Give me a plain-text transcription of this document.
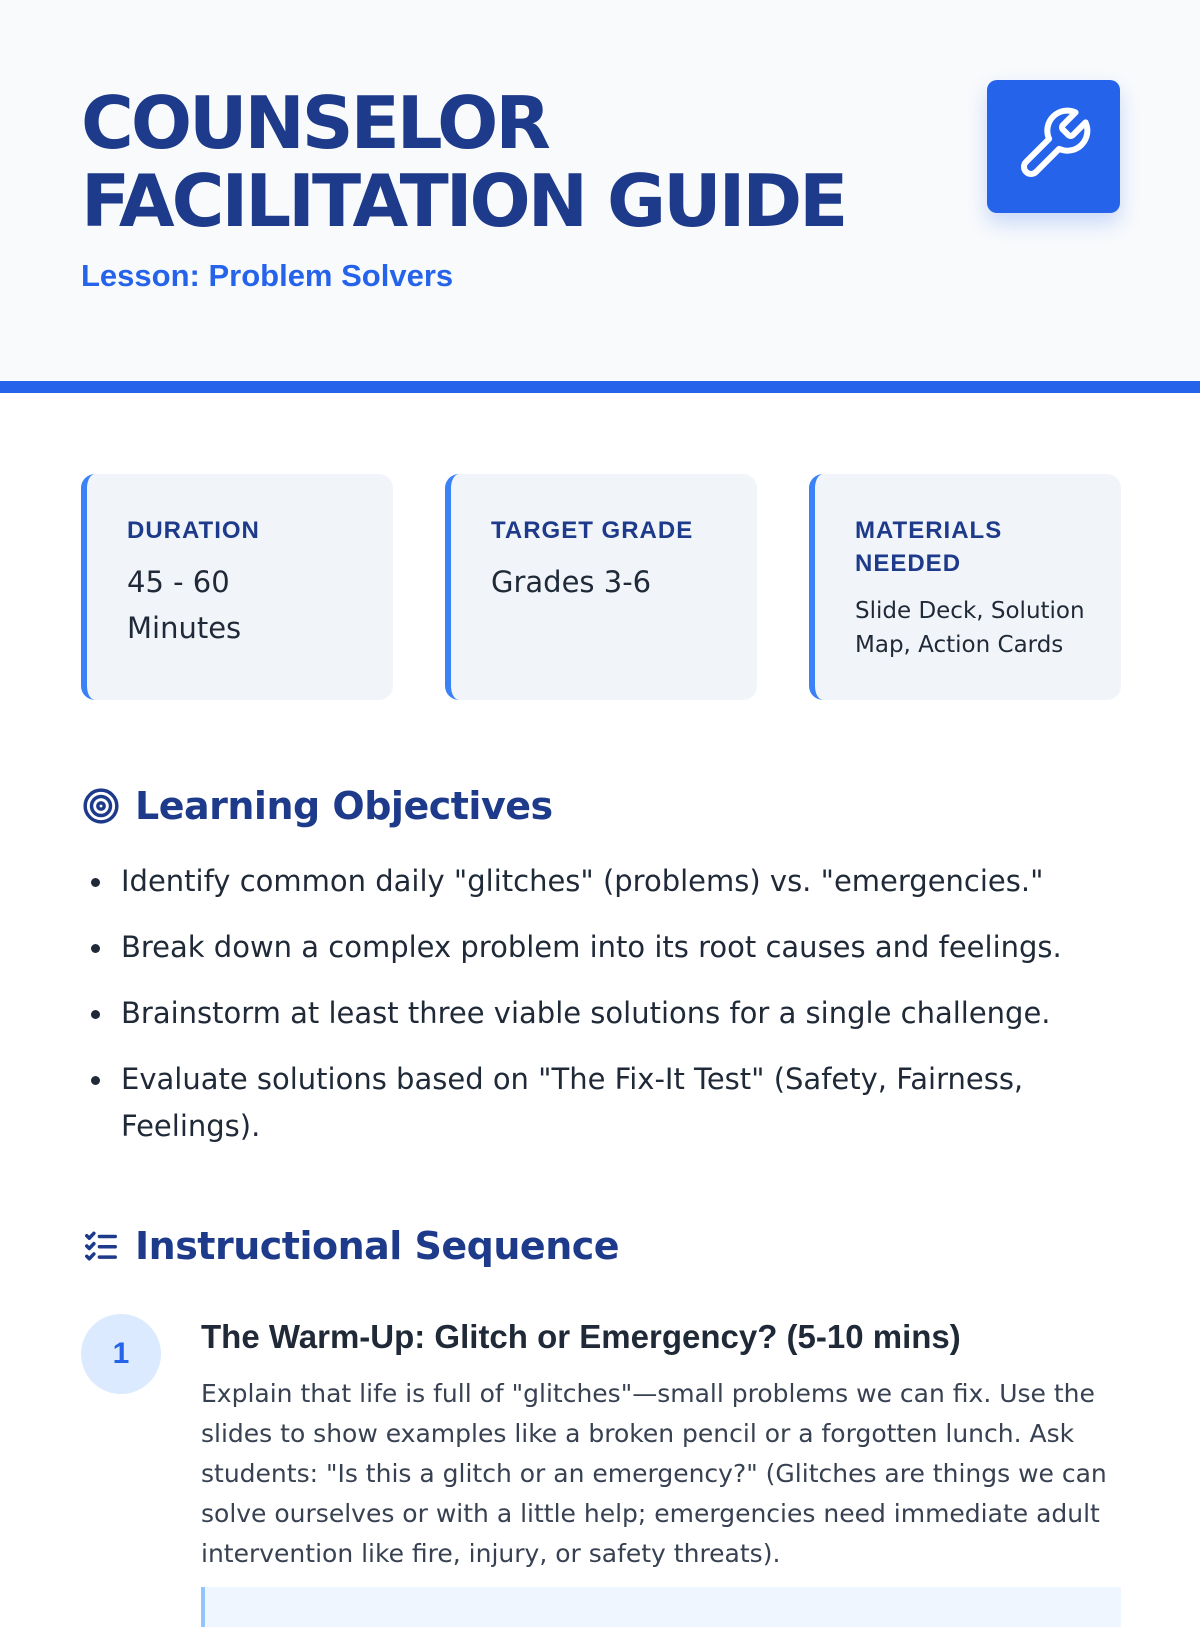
COUNSELOR FACILITATION GUIDE
Lesson: Problem Solvers
DURATION
45 - 60 Minutes
TARGET GRADE
Grades 3-6
MATERIALS NEEDED
Slide Deck, Solution Map, Action Cards
Learning Objectives
Identify common daily "glitches" (problems) vs. "emergencies."
Break down a complex problem into its root causes and feelings.
Brainstorm at least three viable solutions for a single challenge.
Evaluate solutions based on "The Fix-It Test" (Safety, Fairness, Feelings).
Instructional Sequence
1	The Warm-Up: Glitch or Emergency? (5-10 mins)

Explain that life is full of "glitches"—small problems we can fix. Use the slides to show examples like a broken pencil or a forgotten lunch. Ask students: "Is this a glitch or an emergency?" (Glitches are things we can solve ourselves or with a little help; emergencies need immediate adult intervention like fire, injury, or safety threats).
